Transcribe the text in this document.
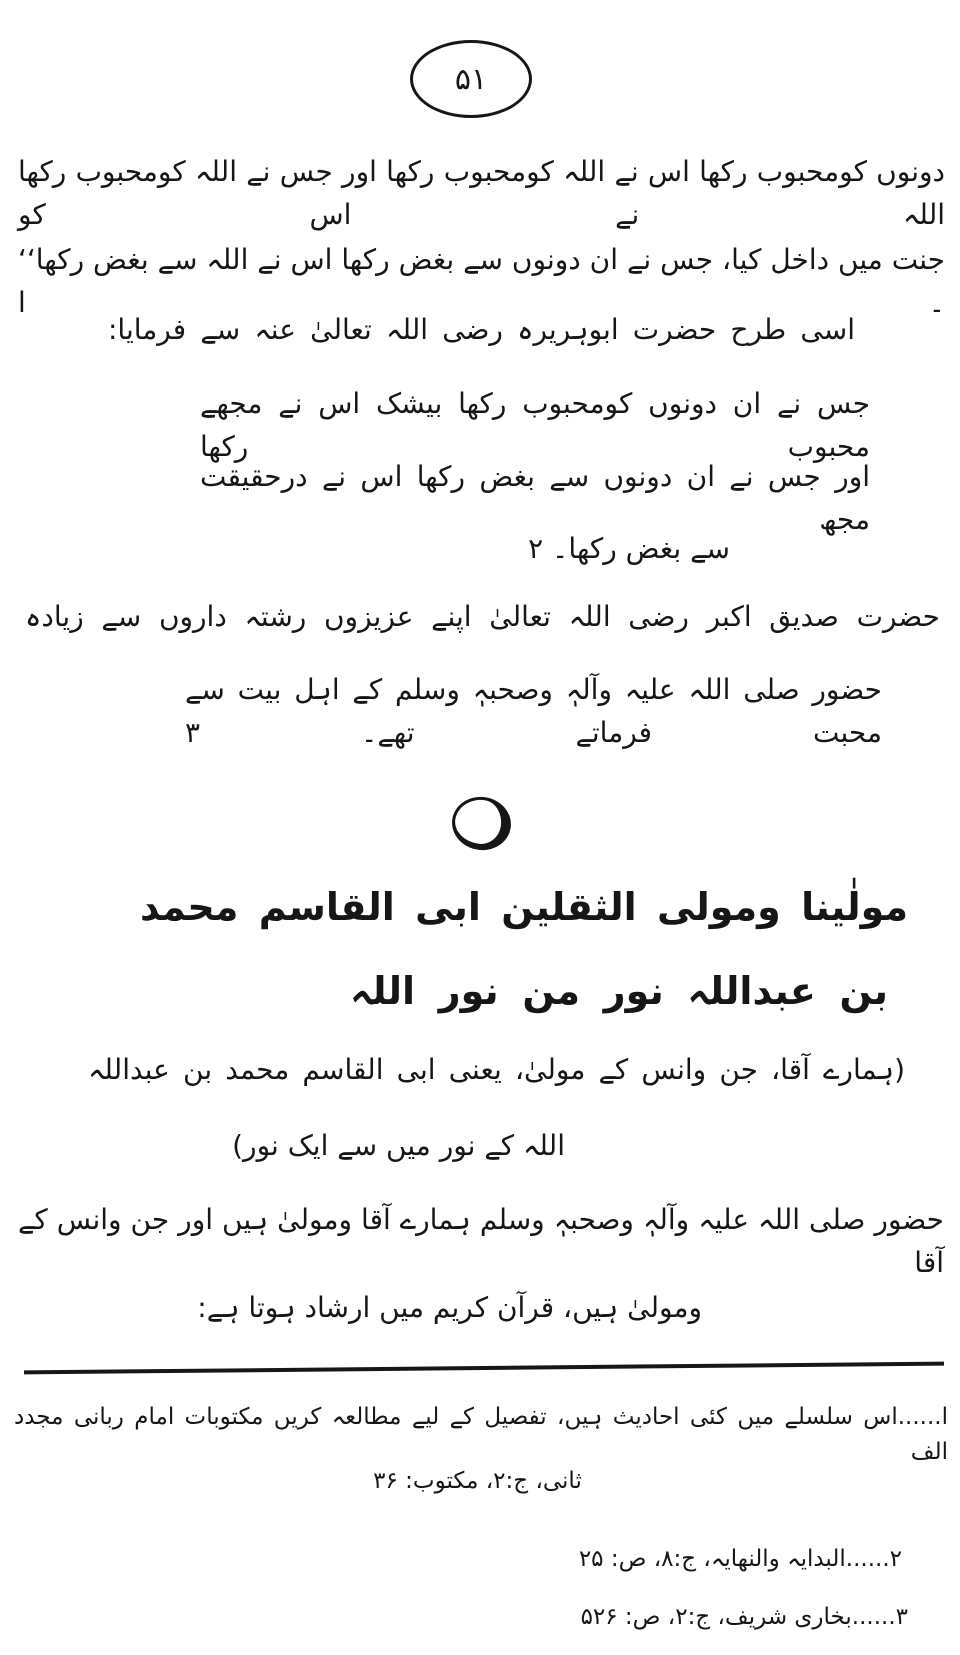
۵۱
دونوں کومحبوب رکھا اس نے اللہ کومحبوب رکھا اور جس نے اللہ کومحبوب رکھا اللہ نے اس کو
جنت میں داخل کیا، جس نے ان دونوں سے بغض رکھا اس نے اللہ سے بغض رکھا‘‘ ۔ ا
اسی طرح حضرت ابوہریرہ رضی اللہ تعالیٰ عنہ سے فرمایا:
جس نے ان دونوں کومحبوب رکھا بیشک اس نے مجھے محبوب رکھا
اور جس نے ان دونوں سے بغض رکھا اس نے درحقیقت مجھ
سے بغض رکھا۔ ۲
حضرت صدیق اکبر رضی اللہ تعالیٰ اپنے عزیزوں رشتہ داروں سے زیادہ
حضور صلی اللہ علیہ وآلہٖ وصحبہٖ وسلم کے اہل بیت سے محبت فرماتے تھے۔ ۳
مولٰینا ومولی الثقلین ابی القاسم محمد
بن عبداللہ نور من نور اللہ
(ہمارے آقا، جن وانس کے مولیٰ، یعنی ابی القاسم محمد بن عبداللہ
اللہ کے نور میں سے ایک نور)
حضور صلی اللہ علیہ وآلہٖ وصحبہٖ وسلم ہمارے آقا ومولیٰ ہیں اور جن وانس کے آقا
ومولیٰ ہیں، قرآن کریم میں ارشاد ہوتا ہے:
ا......اس سلسلے میں کئی احادیث ہیں، تفصیل کے لیے مطالعہ کریں مکتوبات امام ربانی مجدد الف
ثانی، ج:۲، مکتوب: ۳۶
۲......البدایہ والنھایہ، ج:۸، ص: ۲۵
۳......بخاری شریف، ج:۲، ص: ۵۲۶
